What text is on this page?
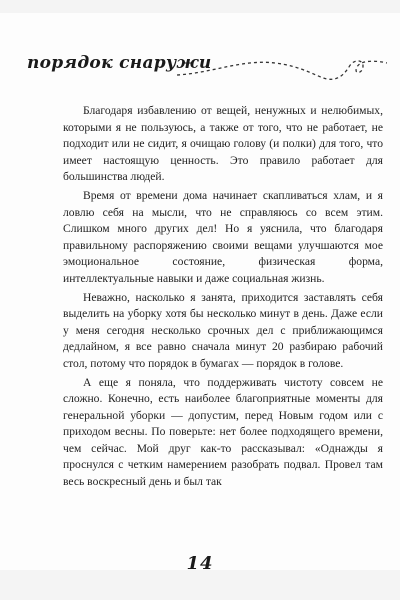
порядок снаружи

Благодаря избавлению от вещей, ненужных и нелюбимых, которыми я не пользуюсь, а также от того, что не работает, не подходит или не сидит, я очищаю голову (и полки) для того, что имеет настоящую ценность. Это правило работает для большинства людей.

Время от времени дома начинает скапливаться хлам, и я ловлю себя на мысли, что не справляюсь со всем этим. Слишком много других дел! Но я уяснила, что благодаря правильному распоряжению своими вещами улучшаются мое эмоциональное состояние, физическая форма, интеллектуальные навыки и даже социальная жизнь.

Неважно, насколько я занята, приходится заставлять себя выделить на уборку хотя бы несколько минут в день. Даже если у меня сегодня несколько срочных дел с приближающимся дедлайном, я все равно сначала минут 20 разбираю рабочий стол, потому что порядок в бумагах — порядок в голове.

А еще я поняла, что поддерживать чистоту совсем не сложно. Конечно, есть наиболее благоприятные моменты для генеральной уборки — допустим, перед Новым годом или с приходом весны. По поверьте: нет более подходящего времени, чем сейчас. Мой друг как-то рассказывал: «Однажды я проснулся с четким намерением разобрать подвал. Провел там весь воскресный день и был так

14
